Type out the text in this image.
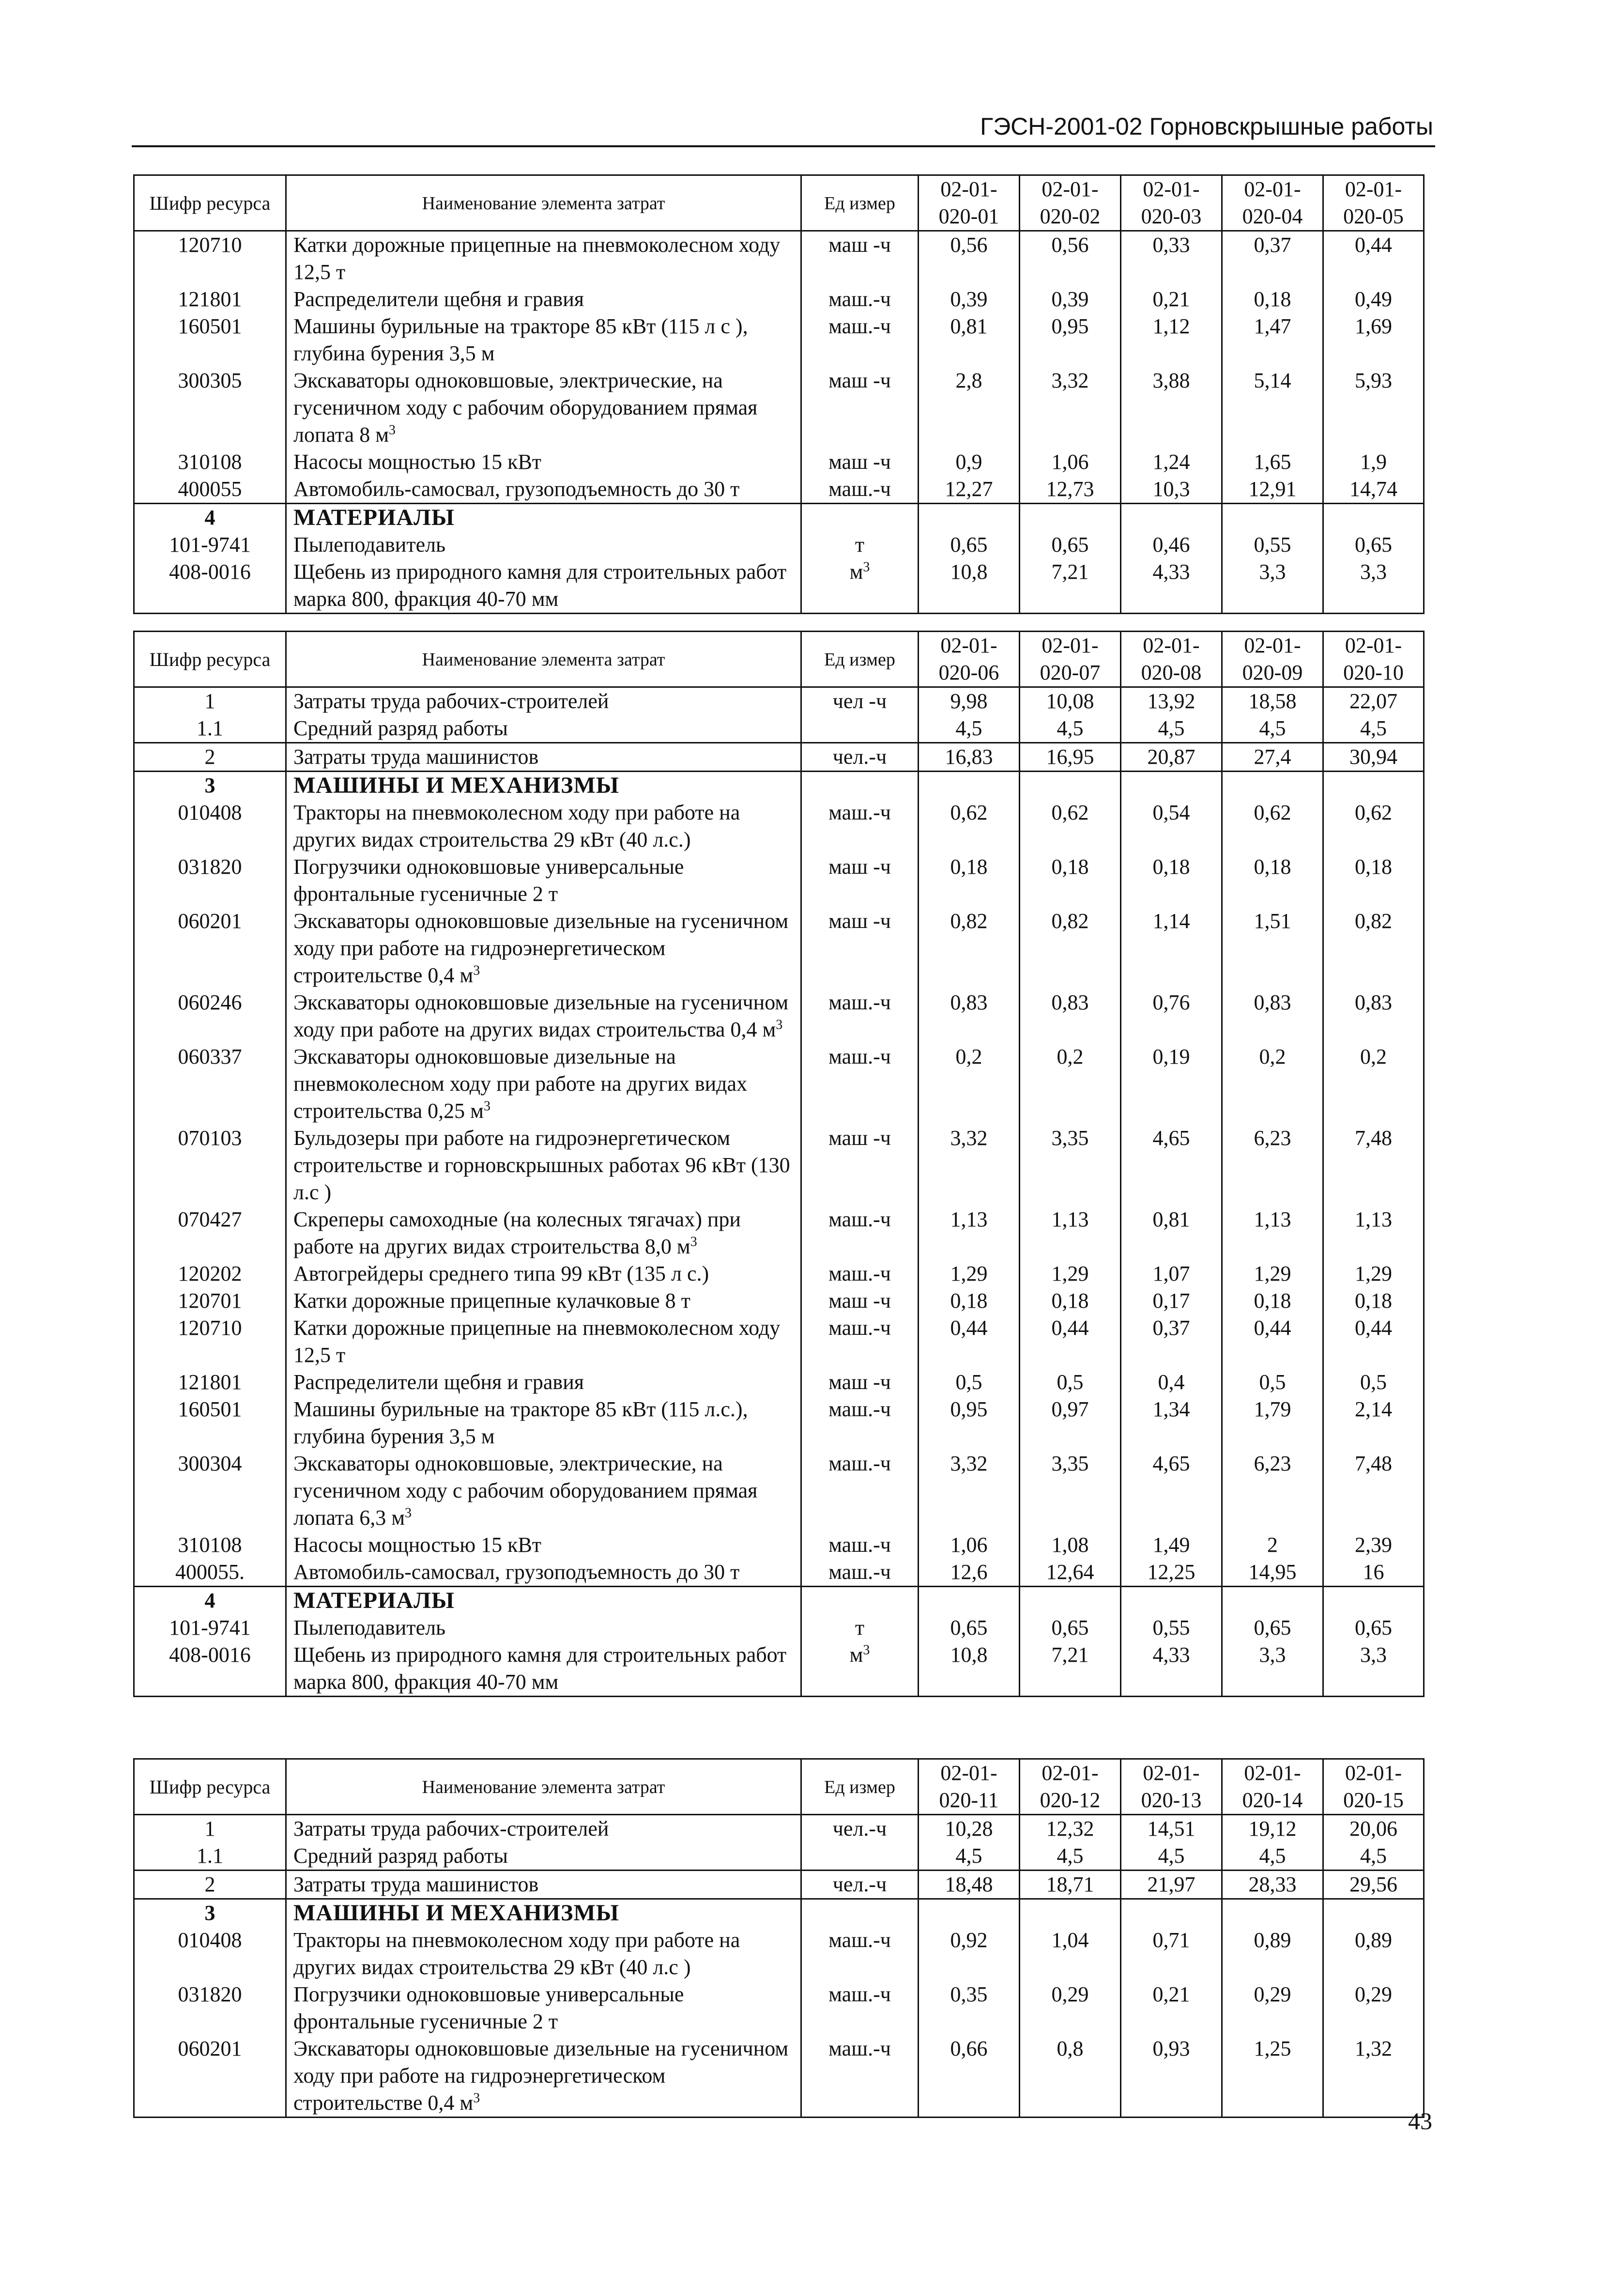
ГЭСН-2001-02 Горновскрышные работы
Шифр ресурса	Наименование элемента затрат	Ед измер	02-01-020-01	02-01-020-02	02-01-020-03	02-01-020-04	02-01-020-05
120710	Катки дорожные прицепные на пневмоколесном ходу 12,5 т	маш -ч	0,56	0,56	0,33	0,37	0,44
121801	Распределители щебня и гравия	маш.-ч	0,39	0,39	0,21	0,18	0,49
160501	Машины бурильные на тракторе 85 кВт (115 л с ), глубина бурения 3,5 м	маш.-ч	0,81	0,95	1,12	1,47	1,69
300305	Экскаваторы одноковшовые, электрические, на гусеничном ходу с рабочим оборудованием прямая лопата 8 $м^3$	маш -ч	2,8	3,32	3,88	5,14	5,93
310108	Насосы мощностью 15 кВт	маш -ч	0,9	1,06	1,24	1,65	1,9
400055	Автомобиль-самосвал, грузоподъемность до 30 т	маш.-ч	12,27	12,73	10,3	12,91	14,74
4	МАТЕРИАЛЫ						
101-9741	Пылеподавитель	т	0,65	0,65	0,46	0,55	0,65
408-0016	Щебень из природного камня для строительных работ марка 800, фракция 40-70 мм	$м^3$	10,8	7,21	4,33	3,3	3,3
Шифр ресурса	Наименование элемента затрат	Ед измер	02-01-020-06	02-01-020-07	02-01-020-08	02-01-020-09	02-01-020-10
1	Затраты труда рабочих-строителей	чел -ч	9,98	10,08	13,92	18,58	22,07
1.1	Средний разряд работы		4,5	4,5	4,5	4,5	4,5
2	Затраты труда машинистов	чел.-ч	16,83	16,95	20,87	27,4	30,94
3	МАШИНЫ И МЕХАНИЗМЫ						
010408	Тракторы на пневмоколесном ходу при работе на других видах строительства 29 кВт (40 л.с.)	маш.-ч	0,62	0,62	0,54	0,62	0,62
031820	Погрузчики одноковшовые универсальные фронтальные гусеничные 2 т	маш -ч	0,18	0,18	0,18	0,18	0,18
060201	Экскаваторы одноковшовые дизельные на гусеничном ходу при работе на гидроэнергетическом строительстве 0,4 $м^3$	маш -ч	0,82	0,82	1,14	1,51	0,82
060246	Экскаваторы одноковшовые дизельные на гусеничном ходу при работе на других видах строительства 0,4 $м^3$	маш.-ч	0,83	0,83	0,76	0,83	0,83
060337	Экскаваторы одноковшовые дизельные на пневмоколесном ходу при работе на других видах строительства 0,25 $м^3$	маш.-ч	0,2	0,2	0,19	0,2	0,2
070103	Бульдозеры при работе на гидроэнергетическом строительстве и горновскрышных работах 96 кВт (130 л.с )	маш -ч	3,32	3,35	4,65	6,23	7,48
070427	Скреперы самоходные (на колесных тягачах) при работе на других видах строительства 8,0 $м^3$	маш.-ч	1,13	1,13	0,81	1,13	1,13
120202	Автогрейдеры среднего типа 99 кВт (135 л с.)	маш.-ч	1,29	1,29	1,07	1,29	1,29
120701	Катки дорожные прицепные кулачковые 8 т	маш -ч	0,18	0,18	0,17	0,18	0,18
120710	Катки дорожные прицепные на пневмоколесном ходу 12,5 т	маш.-ч	0,44	0,44	0,37	0,44	0,44
121801	Распределители щебня и гравия	маш -ч	0,5	0,5	0,4	0,5	0,5
160501	Машины бурильные на тракторе 85 кВт (115 л.с.), глубина бурения 3,5 м	маш.-ч	0,95	0,97	1,34	1,79	2,14
300304	Экскаваторы одноковшовые, электрические, на гусеничном ходу с рабочим оборудованием прямая лопата 6,3 $м^3$	маш.-ч	3,32	3,35	4,65	6,23	7,48
310108	Насосы мощностью 15 кВт	маш.-ч	1,06	1,08	1,49	2	2,39
400055.	Автомобиль-самосвал, грузоподъемность до 30 т	маш.-ч	12,6	12,64	12,25	14,95	16
4	МАТЕРИАЛЫ						
101-9741	Пылеподавитель	т	0,65	0,65	0,55	0,65	0,65
408-0016	Щебень из природного камня для строительных работ марка 800, фракция 40-70 мм	$м^3$	10,8	7,21	4,33	3,3	3,3
Шифр ресурса	Наименование элемента затрат	Ед измер	02-01-020-11	02-01-020-12	02-01-020-13	02-01-020-14	02-01-020-15
1	Затраты труда рабочих-строителей	чел.-ч	10,28	12,32	14,51	19,12	20,06
1.1	Средний разряд работы		4,5	4,5	4,5	4,5	4,5
2	Затраты труда машинистов	чел.-ч	18,48	18,71	21,97	28,33	29,56
3	МАШИНЫ И МЕХАНИЗМЫ						
010408	Тракторы на пневмоколесном ходу при работе на других видах строительства 29 кВт (40 л.с )	маш.-ч	0,92	1,04	0,71	0,89	0,89
031820	Погрузчики одноковшовые универсальные фронтальные гусеничные 2 т	маш.-ч	0,35	0,29	0,21	0,29	0,29
060201	Экскаваторы одноковшовые дизельные на гусеничном ходу при работе на гидроэнергетическом строительстве 0,4 $м^3$	маш.-ч	0,66	0,8	0,93	1,25	1,32
43
